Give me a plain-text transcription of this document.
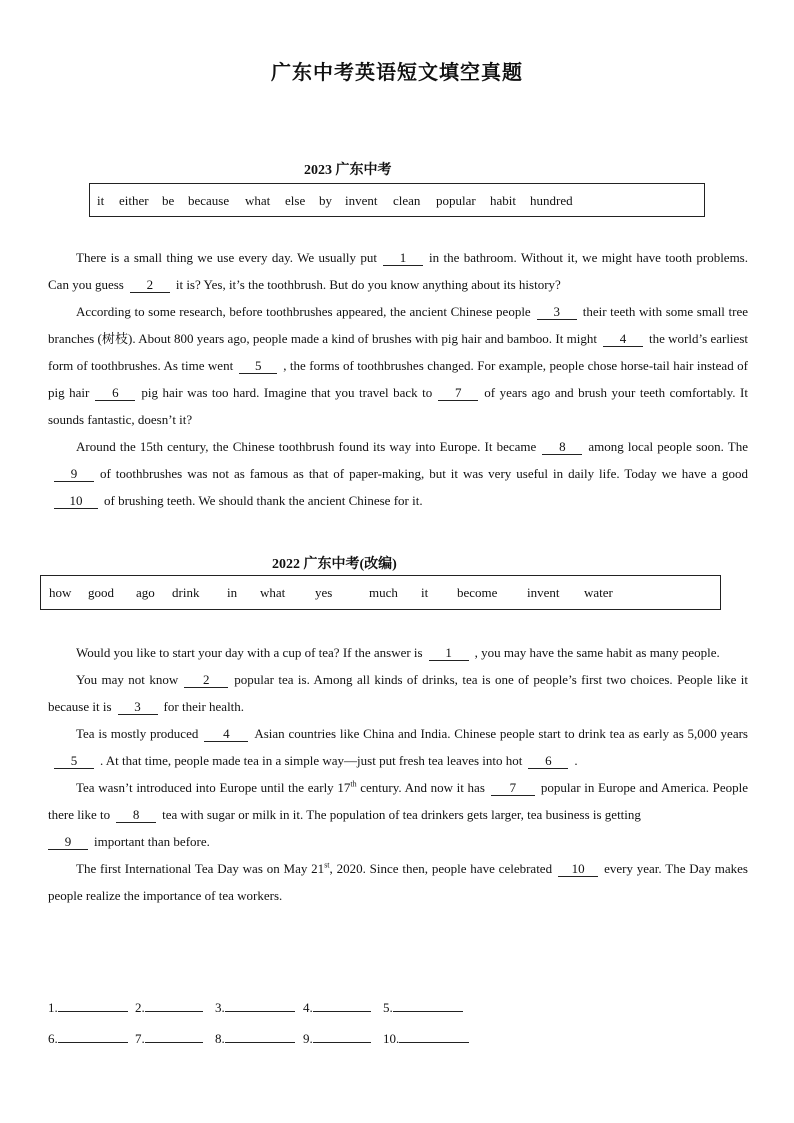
广东中考英语短文填空真题
2023 广东中考
it either be because what else by invent clean popular habit hundred

There is a small thing we use every day. We usually put 1 in the bathroom. Without it, we might have tooth problems. Can you guess 2 it is? Yes, it’s the toothbrush. But do you know anything about its history?

According to some research, before toothbrushes appeared, the ancient Chinese people 3 their teeth with some small tree branches (树枝). About 800 years ago, people made a kind of brushes with pig hair and bamboo. It might 4 the world’s earliest form of toothbrushes. As time went 5 , the forms of toothbrushes changed. For example, people chose horse-tail hair instead of pig hair 6 pig hair was too hard. Imagine that you travel back to 7 of years ago and brush your teeth comfortably. It sounds fantastic, doesn’t it?

Around the 15th century, the Chinese toothbrush found its way into Europe. It became 8 among local people soon. The9 of toothbrushes was not as famous as that of paper-making, but it was very useful in daily life. Today we have a good10 of brushing teeth. We should thank the ancient Chinese for it.

2022 广东中考(改编)
how good ago drink in what yes	much it become invent water

Would you like to start your day with a cup of tea? If the answer is 1 , you may have the same habit as many people.

You may not know 2 popular tea is. Among all kinds of drinks, tea is one of people’s first two choices. People like it because it is 3 for their health.

Tea is mostly produced 4 Asian countries like China and India. Chinese people start to drink tea as early as 5,000 years5 . At that time, people made tea in a simple way—just put fresh tea leaves into hot 6 .

Tea wasn’t introduced into Europe until the early 17th century. And now it has 7 popular in Europe and America. People there like to 8 tea with sugar or milk in it. The population of tea drinkers gets larger, tea business is getting

9 important than before.

The first International Tea Day was on May 21st, 2020. Since then, people have celebrated 10 every year. The Day makes people realize the importance of tea workers.

1.	2.	3.	4.	5.
6.	7.	8.	9.	10.
